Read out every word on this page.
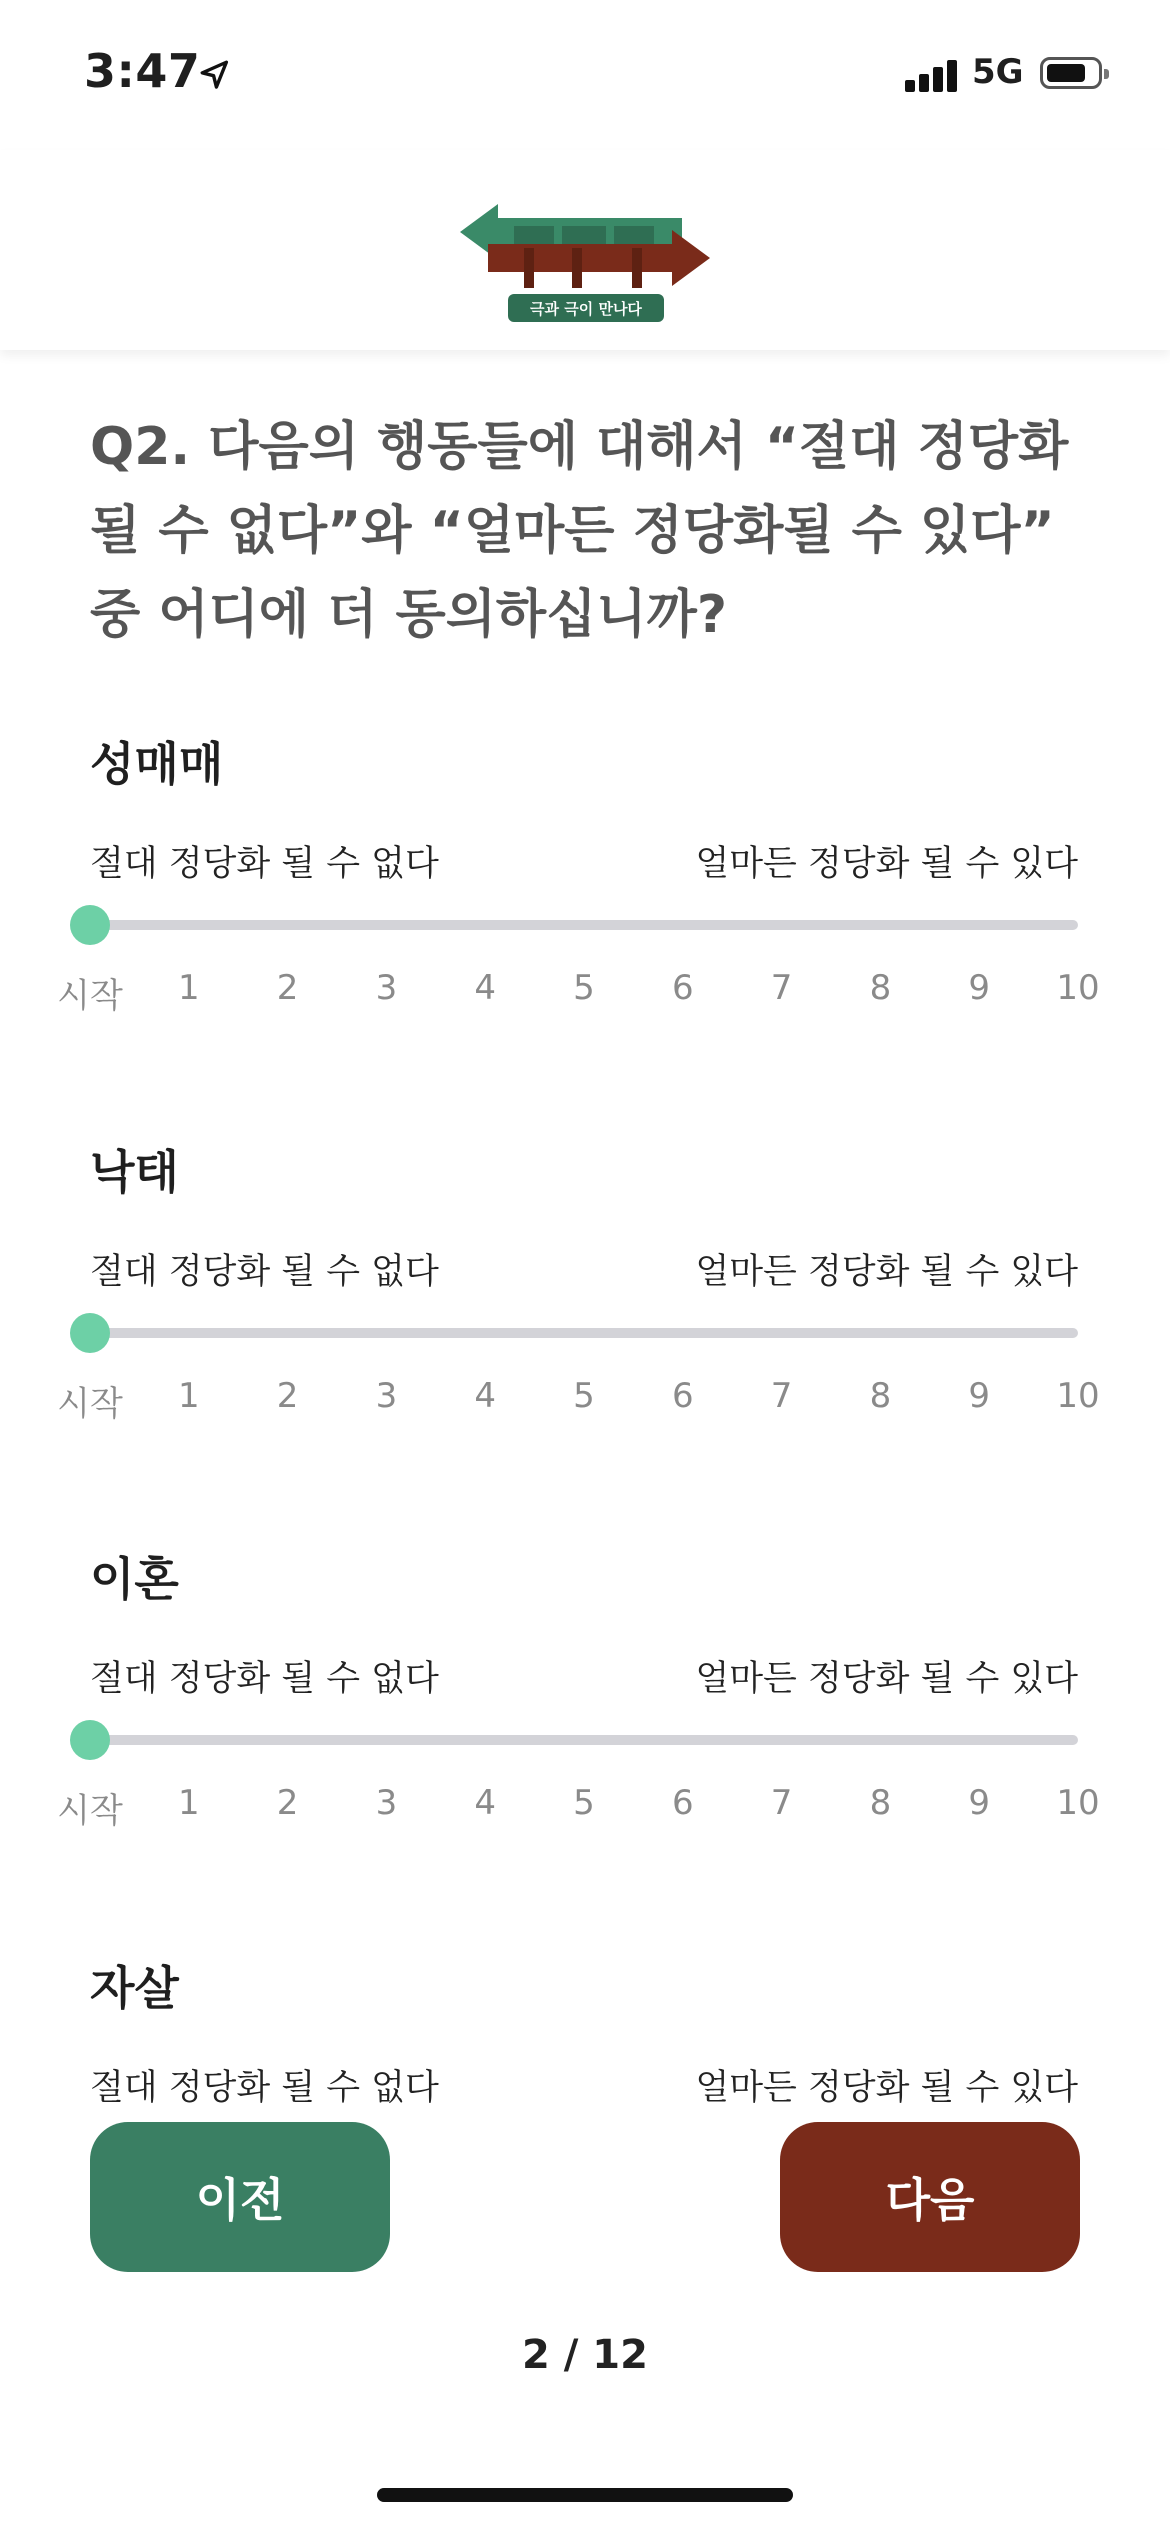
3:47	5G
극과 극이 만나다
Q2. 다음의 행동들에 대해서 “절대 정당화될 수 없다”와 “얼마든 정당화될 수 있다” 중 어디에 더 동의하십니까?
성매매
절대 정당화 될 수 없다	얼마든 정당화 될 수 있다
시작 1 2 3 4 5 6 7 8 9 10
낙태
절대 정당화 될 수 없다	얼마든 정당화 될 수 있다
시작 1 2 3 4 5 6 7 8 9 10
이혼
절대 정당화 될 수 없다	얼마든 정당화 될 수 있다
시작 1 2 3 4 5 6 7 8 9 10
자살
절대 정당화 될 수 없다	얼마든 정당화 될 수 있다
이전	다음
2 / 12
